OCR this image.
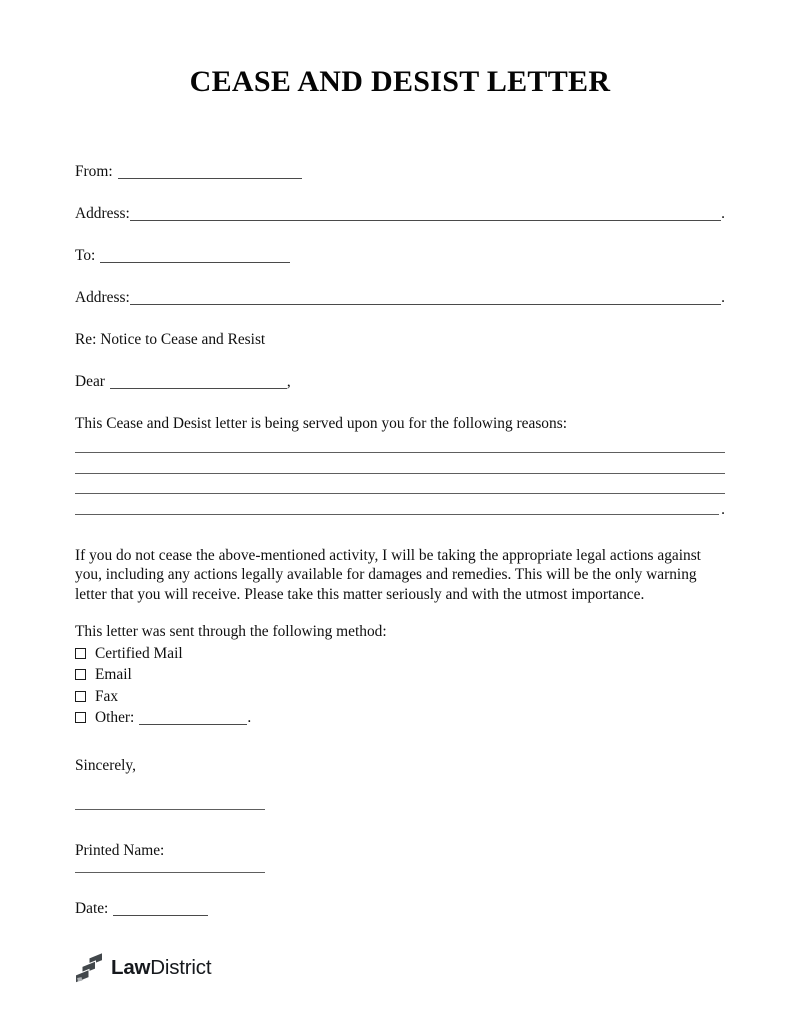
CEASE AND DESIST LETTER
From:
Address:	.
To:
Address:	.
Re: Notice to Cease and Resist
Dear	,
This Cease and Desist letter is being served upon you for the following reasons:
.

If you do not cease the above-mentioned activity, I will be taking the appropriate legal actions against you, including any actions legally available for damages and remedies. This will be the only warning letter that you will receive. Please take this matter seriously and with the utmost importance.

This letter was sent through the following method:
Certified Mail
Email
Fax
Other:	.
Sincerely,
Printed Name:
Date:
LawDistrict
